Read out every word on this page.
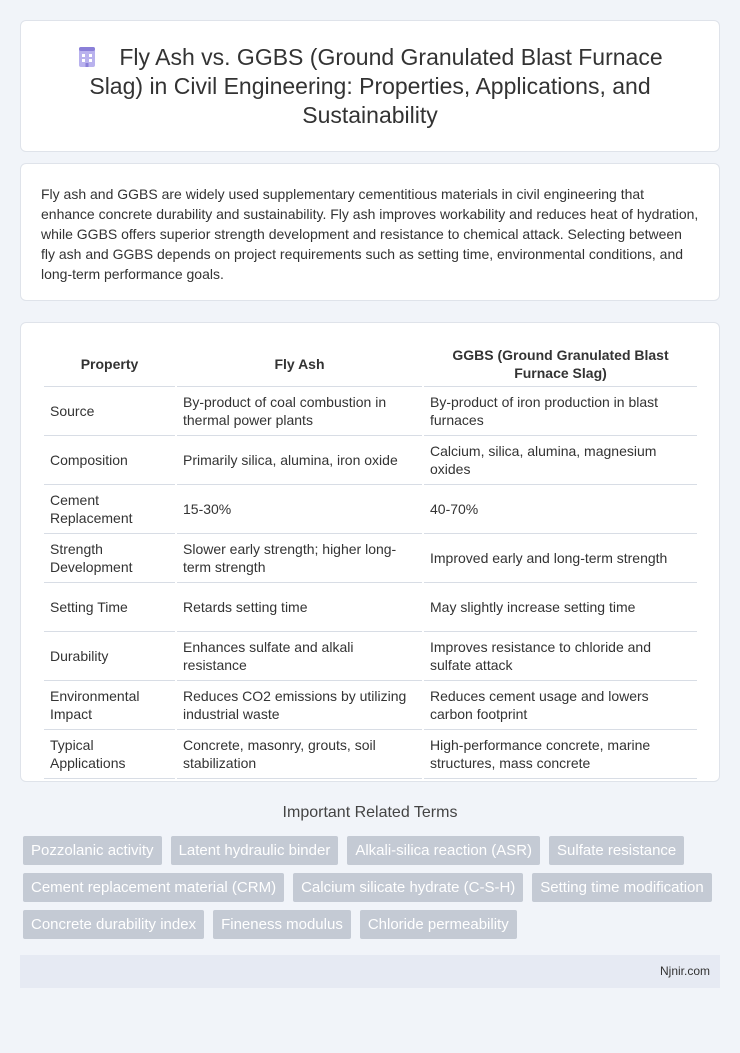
Fly Ash vs. GGBS (Ground Granulated Blast Furnace Slag) in Civil Engineering: Properties, Applications, and Sustainability

Fly ash and GGBS are widely used supplementary cementitious materials in civil engineering that enhance concrete durability and sustainability. Fly ash improves workability and reduces heat of hydration, while GGBS offers superior strength development and resistance to chemical attack. Selecting between fly ash and GGBS depends on project requirements such as setting time, environmental conditions, and long-term performance goals.

Property	Fly Ash	GGBS (Ground Granulated Blast Furnace Slag)
Source	By-product of coal combustion in thermal power plants	By-product of iron production in blast furnaces
Composition	Primarily silica, alumina, iron oxide	Calcium, silica, alumina, magnesium oxides
Cement Replacement	15-30%	40-70%
Strength Development	Slower early strength; higher long-term strength	Improved early and long-term strength
Setting Time	Retards setting time	May slightly increase setting time
Durability	Enhances sulfate and alkali resistance	Improves resistance to chloride and sulfate attack
Environmental Impact	Reduces CO2 emissions by utilizing industrial waste	Reduces cement usage and lowers carbon footprint
Typical Applications	Concrete, masonry, grouts, soil stabilization	High-performance concrete, marine structures, mass concrete
Important Related Terms
Pozzolanic activity	Latent hydraulic binder	Alkali-silica reaction (ASR)	Sulfate resistance
Cement replacement material (CRM)	Calcium silicate hydrate (C-S-H)	Setting time modification
Concrete durability index	Fineness modulus	Chloride permeability
Njnir.com
